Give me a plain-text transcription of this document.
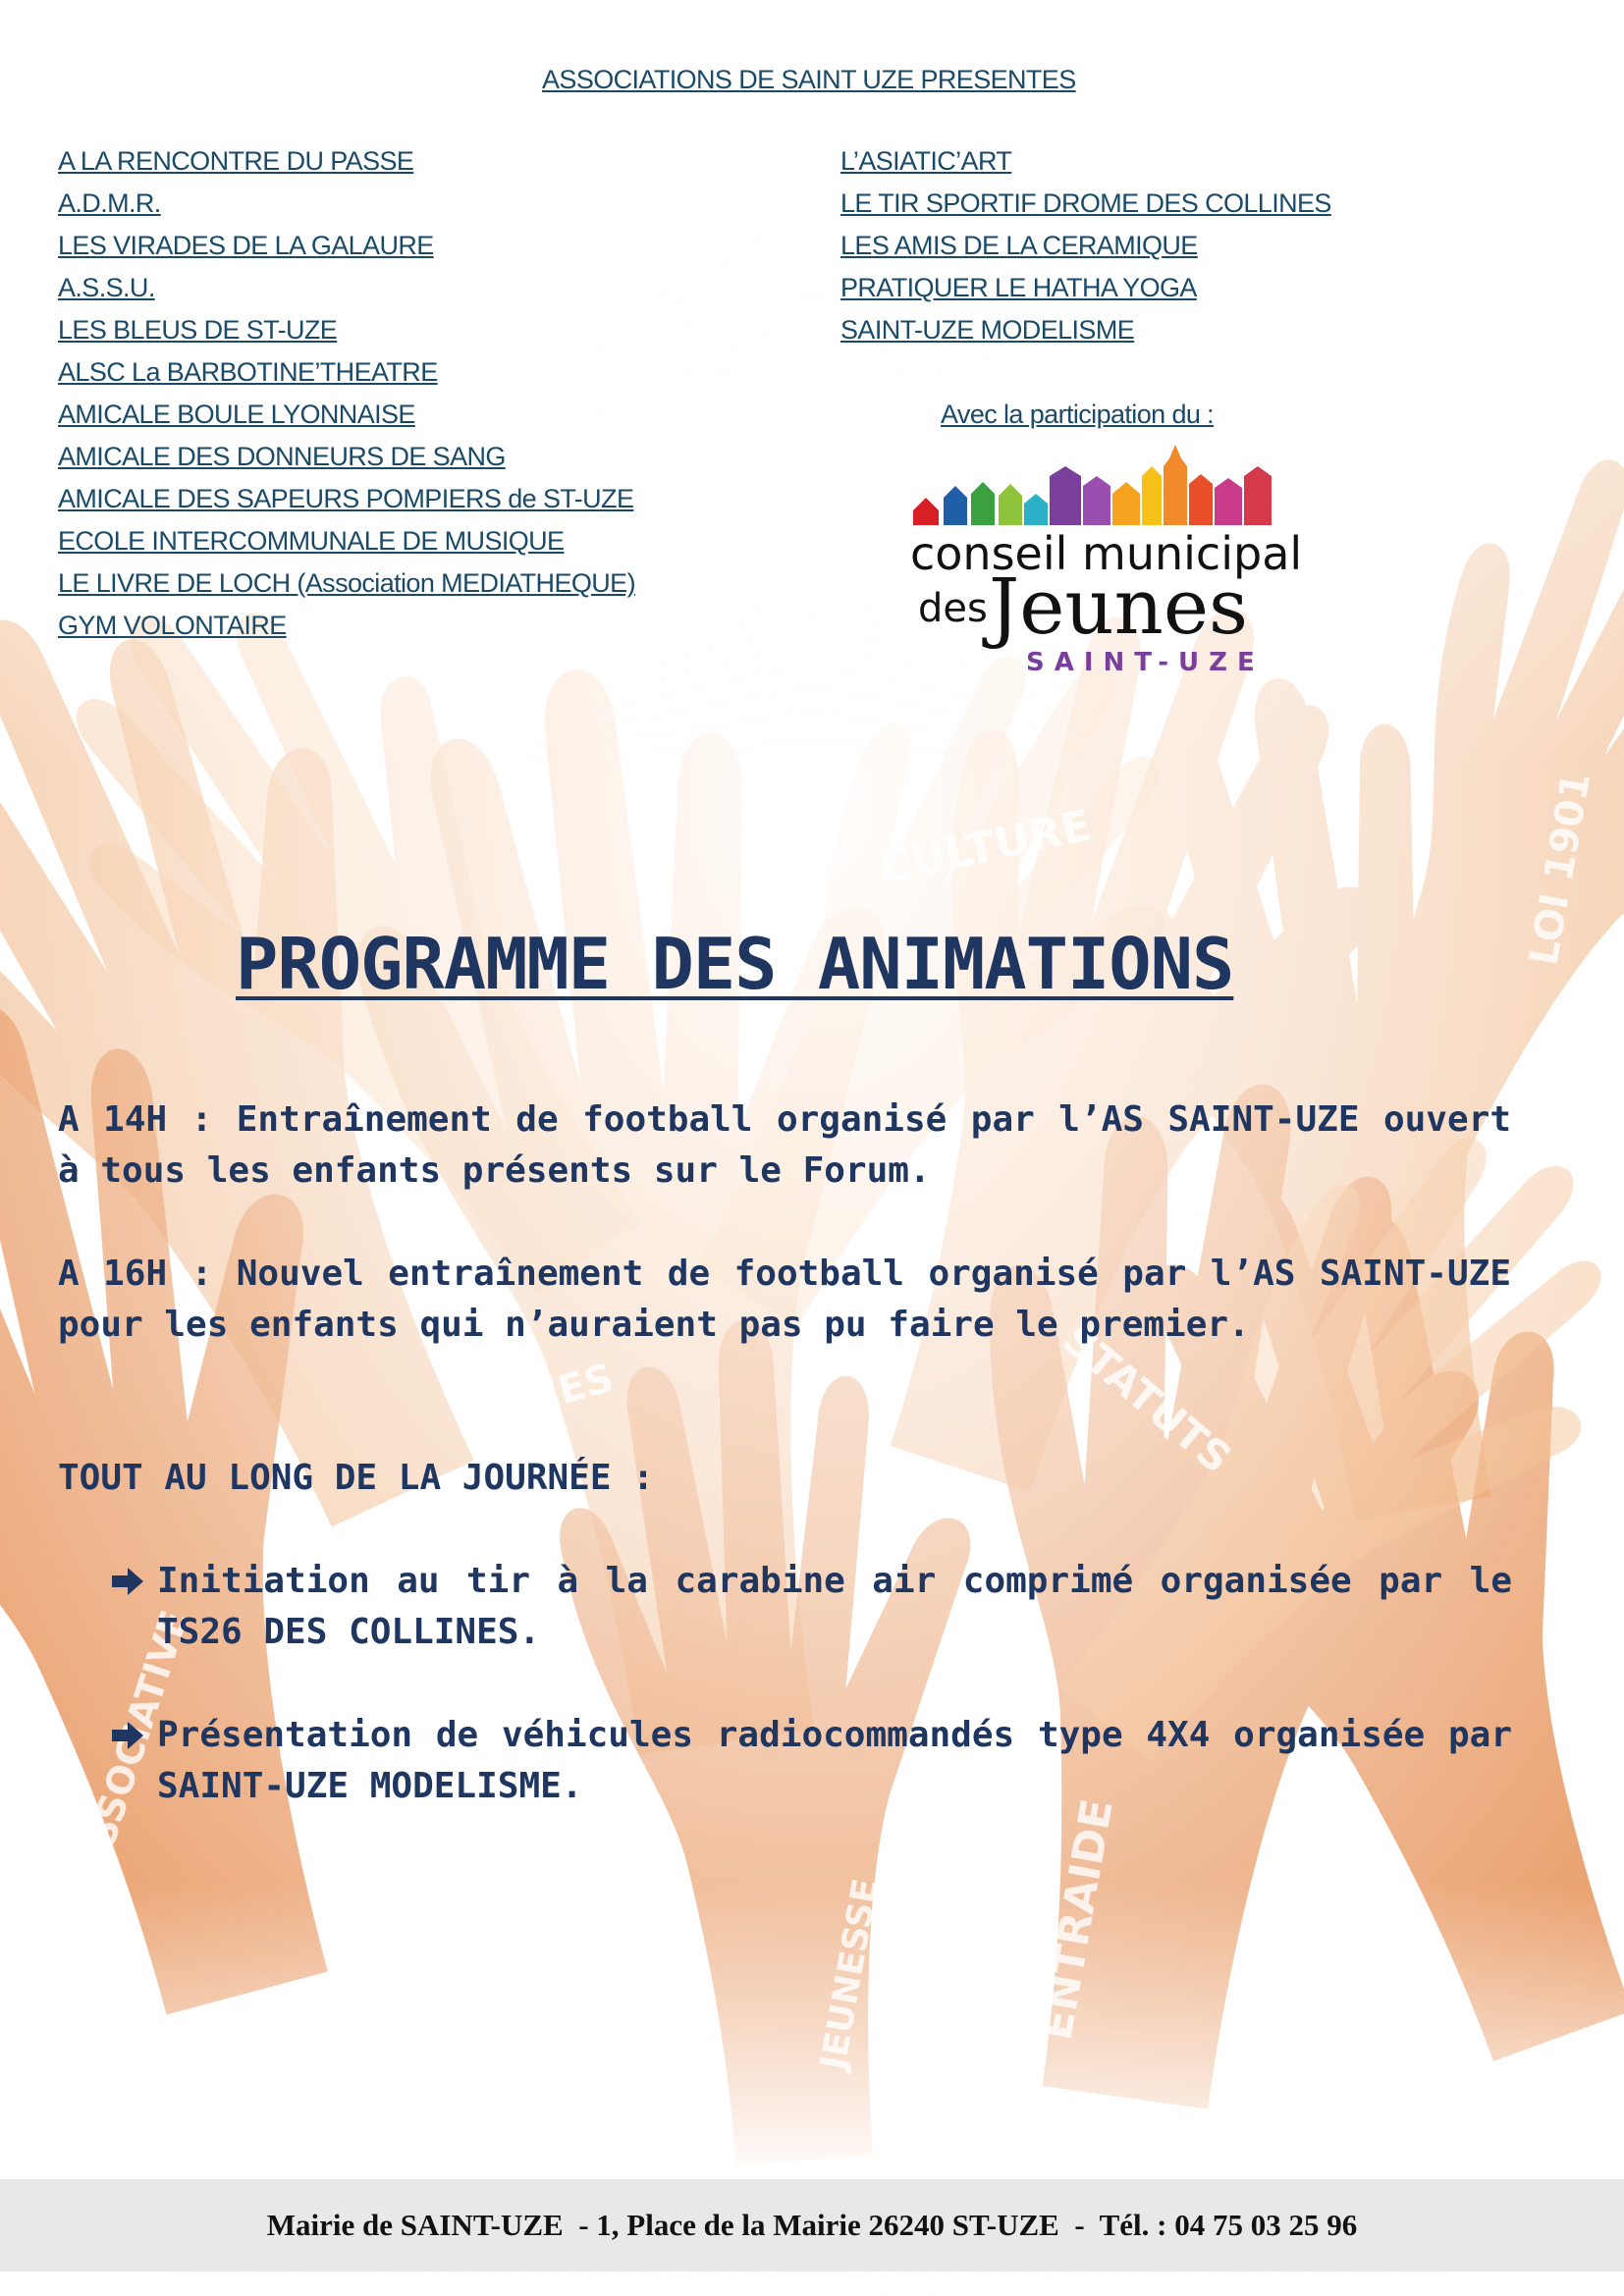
ASSOCIATIONS DE SAINT UZE PRESENTES
A LA RENCONTRE DU PASSE
A.D.M.R.
LES VIRADES DE LA GALAURE
A.S.S.U.
LES BLEUS DE ST-UZE
ALSC La BARBOTINE’THEATRE
AMICALE BOULE LYONNAISE
AMICALE DES DONNEURS DE SANG
AMICALE DES SAPEURS POMPIERS de ST-UZE
ECOLE INTERCOMMUNALE DE MUSIQUE
LE LIVRE DE LOCH (Association MEDIATHEQUE)
GYM VOLONTAIRE
L’ASIATIC’ART
LE TIR SPORTIF DROME DES COLLINES
LES AMIS DE LA CERAMIQUE
PRATIQUER LE HATHA YOGA
SAINT-UZE MODELISME
Avec la participation du :
conseil municipal
des Jeunes
SAINT-UZE
PROGRAMME DES ANIMATIONS

A 14H : Entraînement de football organisé par l’AS SAINT-UZE ouvert à tous les enfants présents sur le Forum.

A 16H : Nouvel entraînement de football organisé par l’AS SAINT-UZE pour les enfants qui n’auraient pas pu faire le premier.

TOUT AU LONG DE LA JOURNÉE :

Initiation au tir à la carabine air comprimé organisée par le TS26 DES COLLINES.

Présentation de véhicules radiocommandés type 4X4 organisée par SAINT-UZE MODELISME.

Mairie de SAINT-UZE  - 1, Place de la Mairie 26240 ST-UZE  -  Tél. : 04 75 03 25 96
